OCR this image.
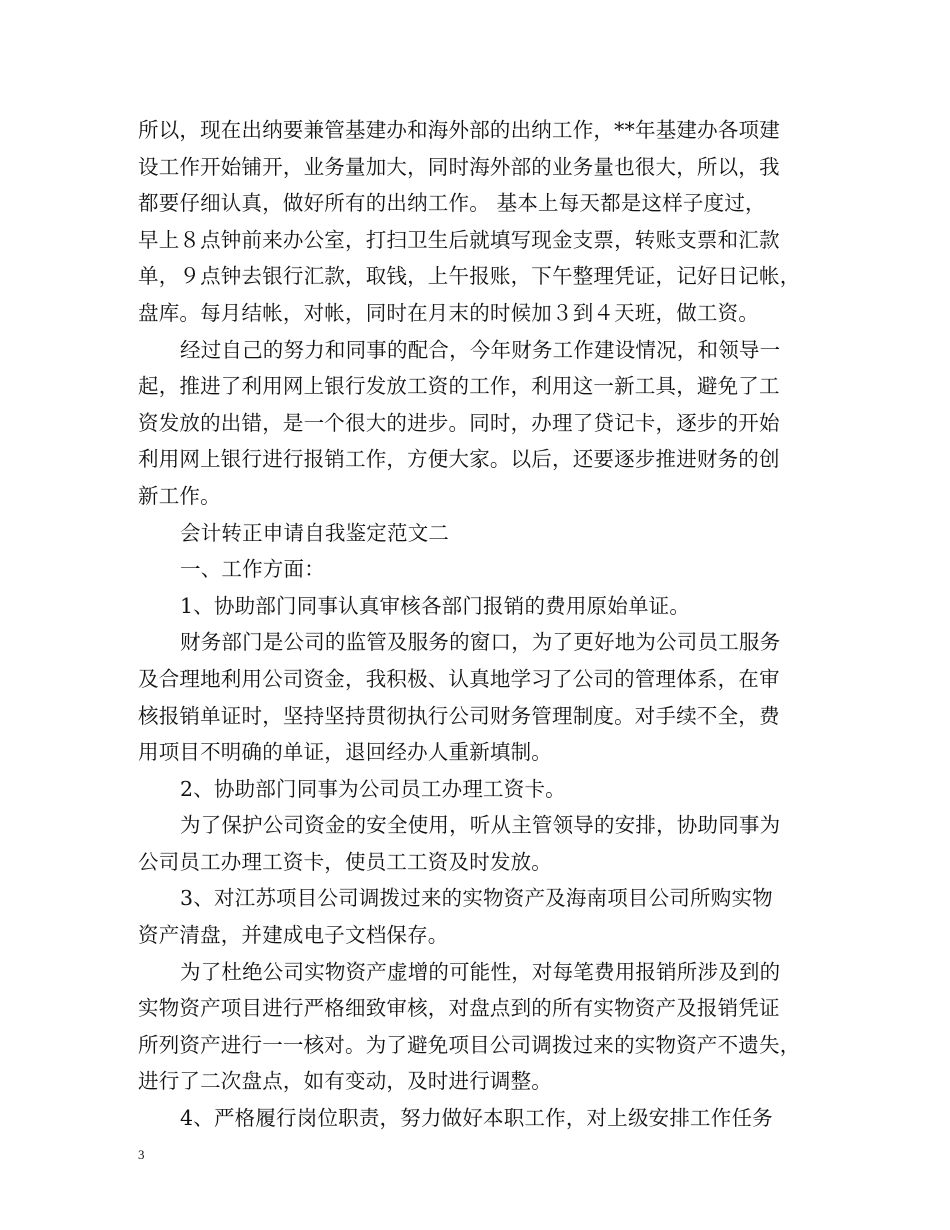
所以，现在出纳要兼管基建办和海外部的出纳工作，**年基建办各项建
设工作开始铺开，业务量加大，同时海外部的业务量也很大，所以，我
都要仔细认真，做好所有的出纳工作。 基本上每天都是这样子度过，
早上８点钟前来办公室，打扫卫生后就填写现金支票，转账支票和汇款
单，９点钟去银行汇款，取钱，上午报账，下午整理凭证，记好日记帐，
盘库。每月结帐，对帐，同时在月末的时候加３到４天班，做工资。

经过自己的努力和同事的配合，今年财务工作建设情况，和领导一
起，推进了利用网上银行发放工资的工作，利用这一新工具，避免了工
资发放的出错，是一个很大的进步。同时，办理了贷记卡，逐步的开始
利用网上银行进行报销工作，方便大家。以后，还要逐步推进财务的创
新工作。

会计转正申请自我鉴定范文二

一、工作方面：

1、协助部门同事认真审核各部门报销的费用原始单证。

财务部门是公司的监管及服务的窗口，为了更好地为公司员工服务
及合理地利用公司资金，我积极、认真地学习了公司的管理体系，在审
核报销单证时，坚持坚持贯彻执行公司财务管理制度。对手续不全，费
用项目不明确的单证，退回经办人重新填制。

2、协助部门同事为公司员工办理工资卡。

为了保护公司资金的安全使用，听从主管领导的安排，协助同事为
公司员工办理工资卡，使员工工资及时发放。

3、对江苏项目公司调拨过来的实物资产及海南项目公司所购实物
资产清盘，并建成电子文档保存。

为了杜绝公司实物资产虚增的可能性，对每笔费用报销所涉及到的
实物资产项目进行严格细致审核，对盘点到的所有实物资产及报销凭证
所列资产进行一一核对。为了避免项目公司调拨过来的实物资产不遗失，
进行了二次盘点，如有变动，及时进行调整。

4、严格履行岗位职责，努力做好本职工作，对上级安排工作任务

3
